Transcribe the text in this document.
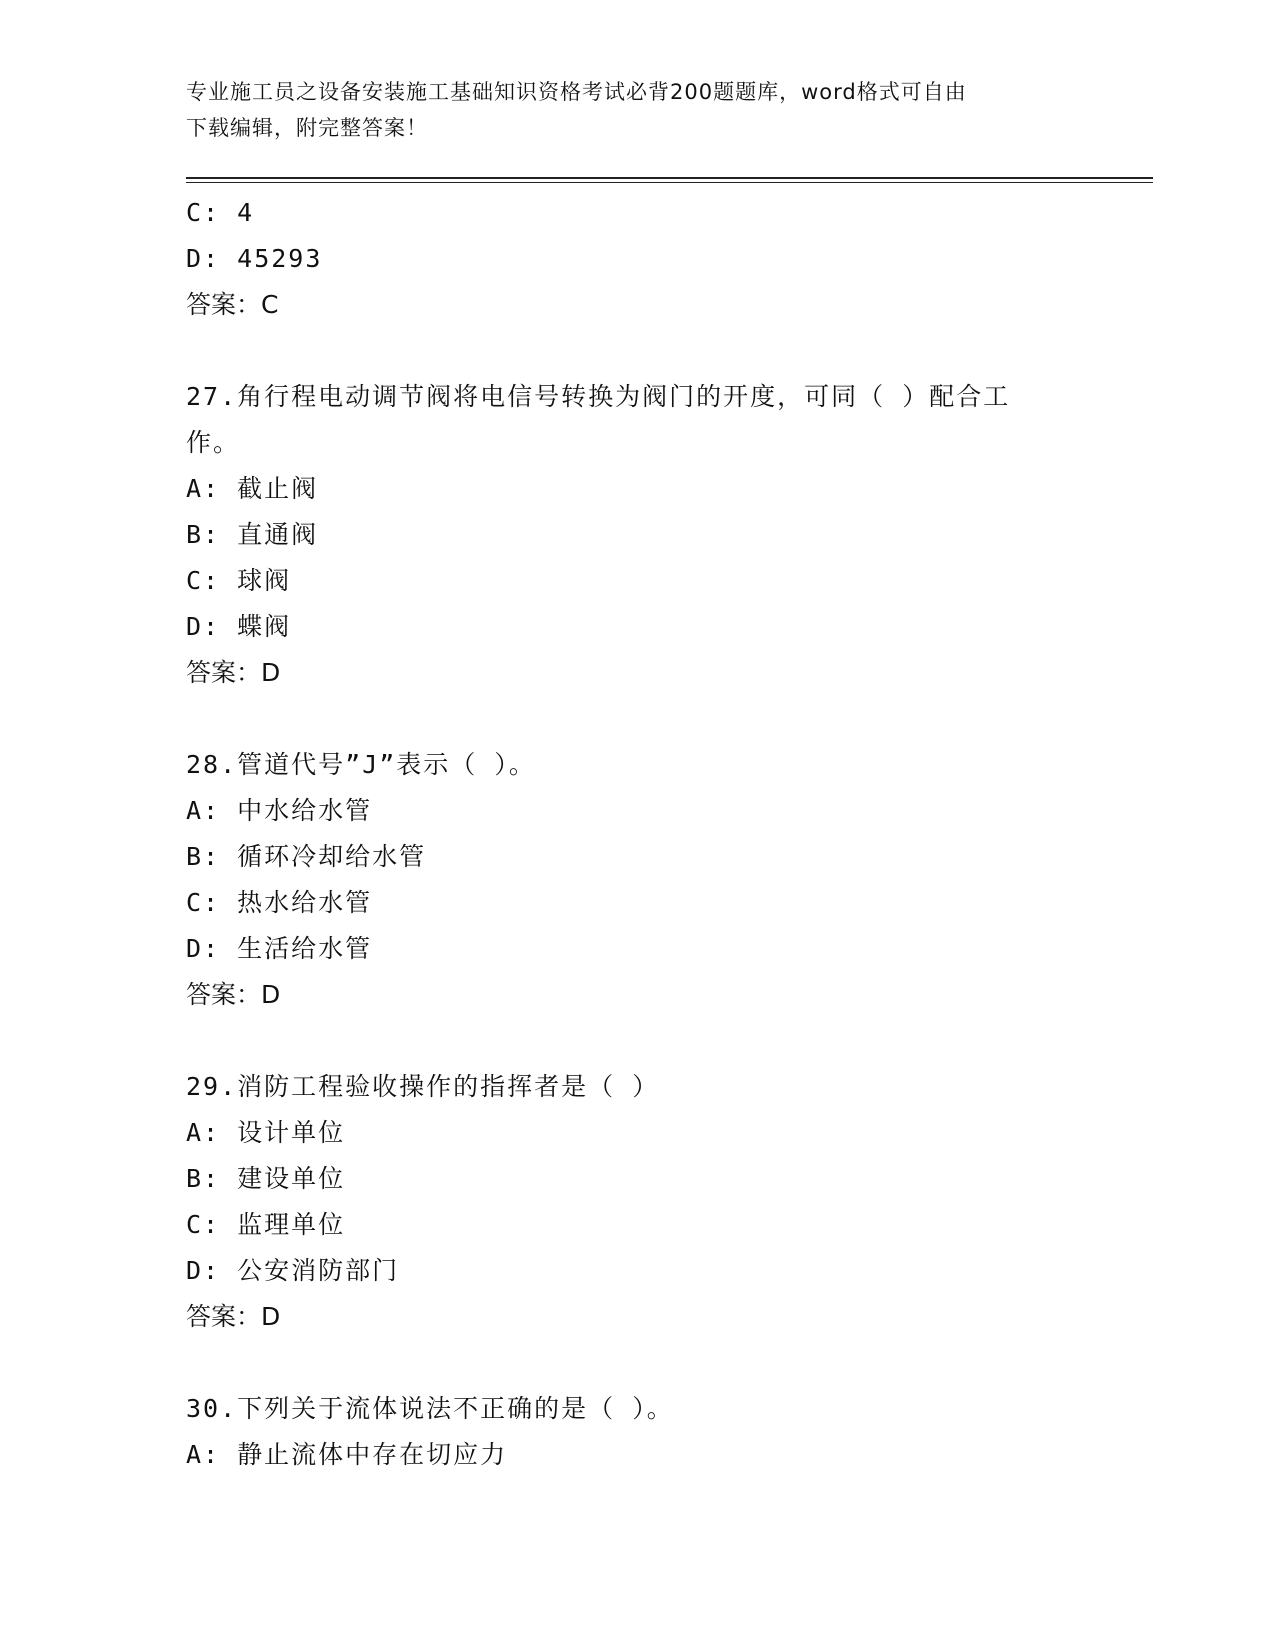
专业施工员之设备安装施工基础知识资格考试必背200题题库，word格式可自由
下载编辑，附完整答案！
C: 4
D: 45293
答案：C
27.角行程电动调节阀将电信号转换为阀门的开度，可同（ ）配合工
作。
A: 截止阀
B: 直通阀
C: 球阀
D: 蝶阀
答案：D
28.管道代号”J”表示（ ）。
A: 中水给水管
B: 循环冷却给水管
C: 热水给水管
D: 生活给水管
答案：D
29.消防工程验收操作的指挥者是（ ）
A: 设计单位
B: 建设单位
C: 监理单位
D: 公安消防部门
答案：D
30.下列关于流体说法不正确的是（ ）。
A: 静止流体中存在切应力
